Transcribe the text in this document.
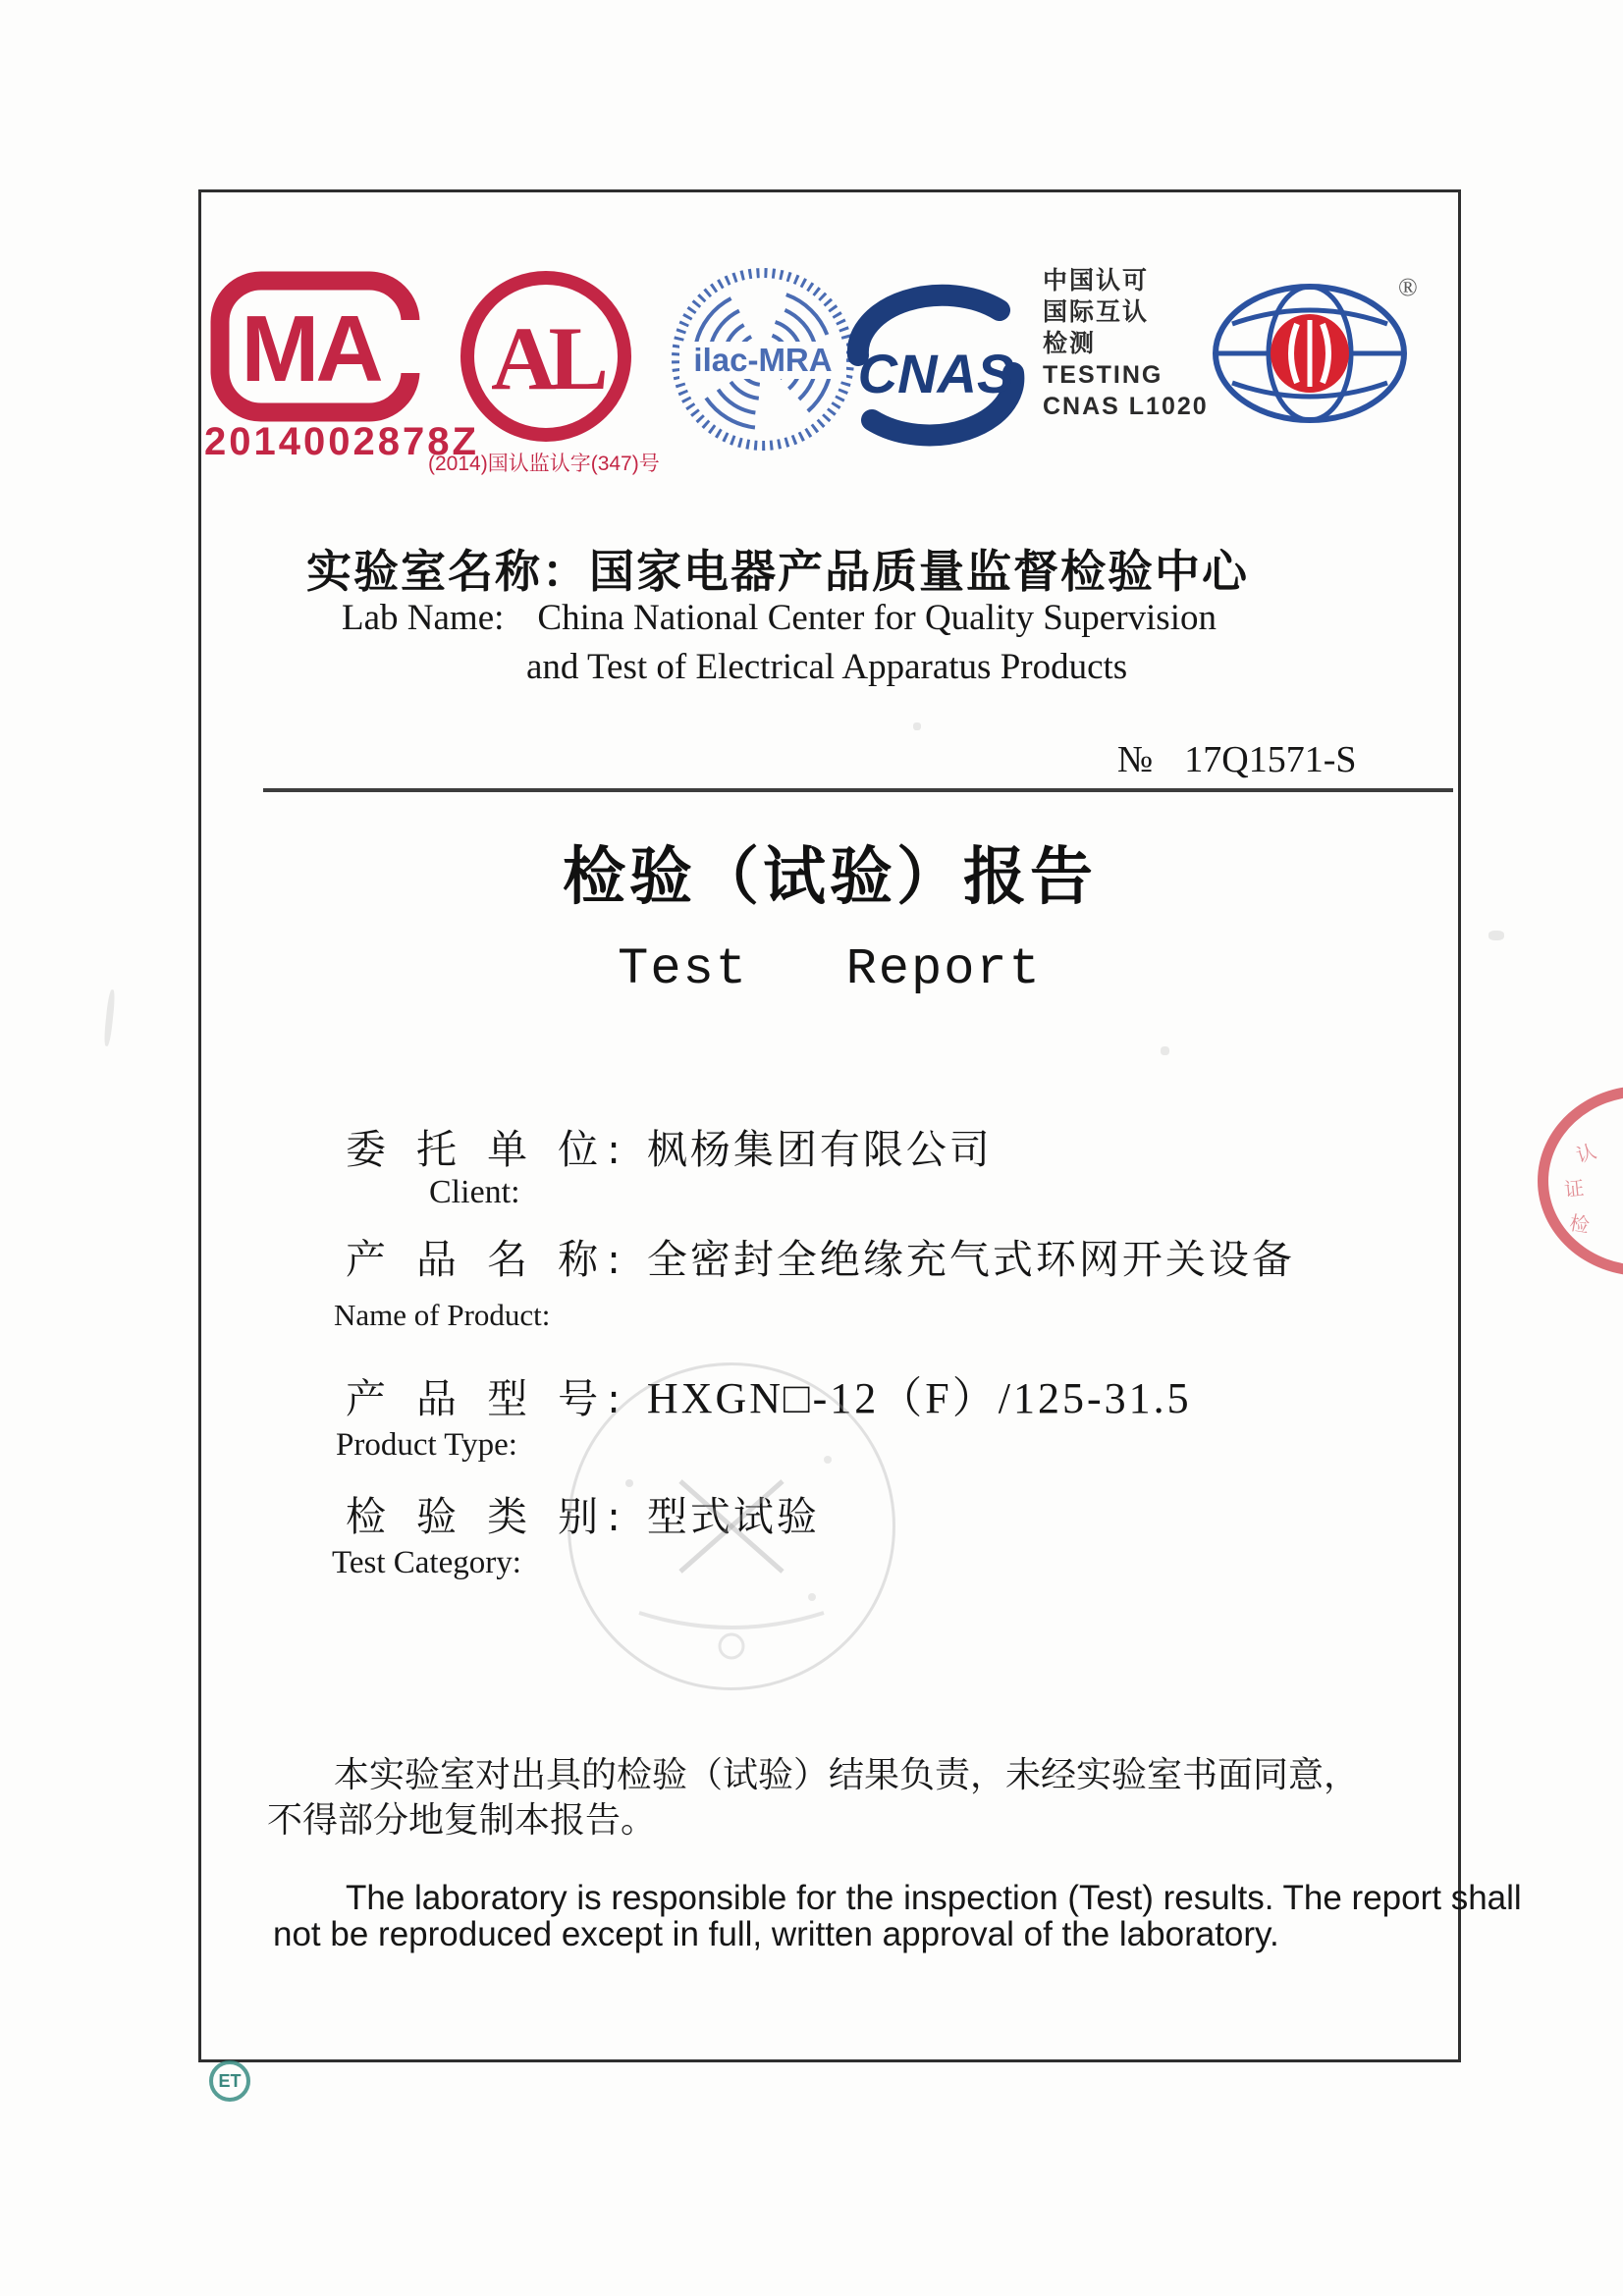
MA
2014002878Z
AL
(2014)国认监认字(347)号
ilac-MRA CNAS
中国认可
国际互认
检测
TESTING
CNAS L1020
®
实验室名称：国家电器产品质量监督检验中心
Lab Name: China National Center for Quality Supervision
and Test of Electrical Apparatus Products
№ 17Q1571-S
检验（试验）报告
Test   Report
委 托 单 位: 枫杨集团有限公司
Client:
产 品 名 称: 全密封全绝缘充气式环网开关设备
Name of Product:
产 品 型 号: HXGN□-12（F）/125-31.5
Product Type:
检 验 类 别: 型式试验
Test Category:
本实验室对出具的检验（试验）结果负责，未经实验室书面同意，
不得部分地复制本报告。
The laboratory is responsible for the inspection (Test) results. The report shall
not be reproduced except in full, written approval of the laboratory.
认
证
检
ET
